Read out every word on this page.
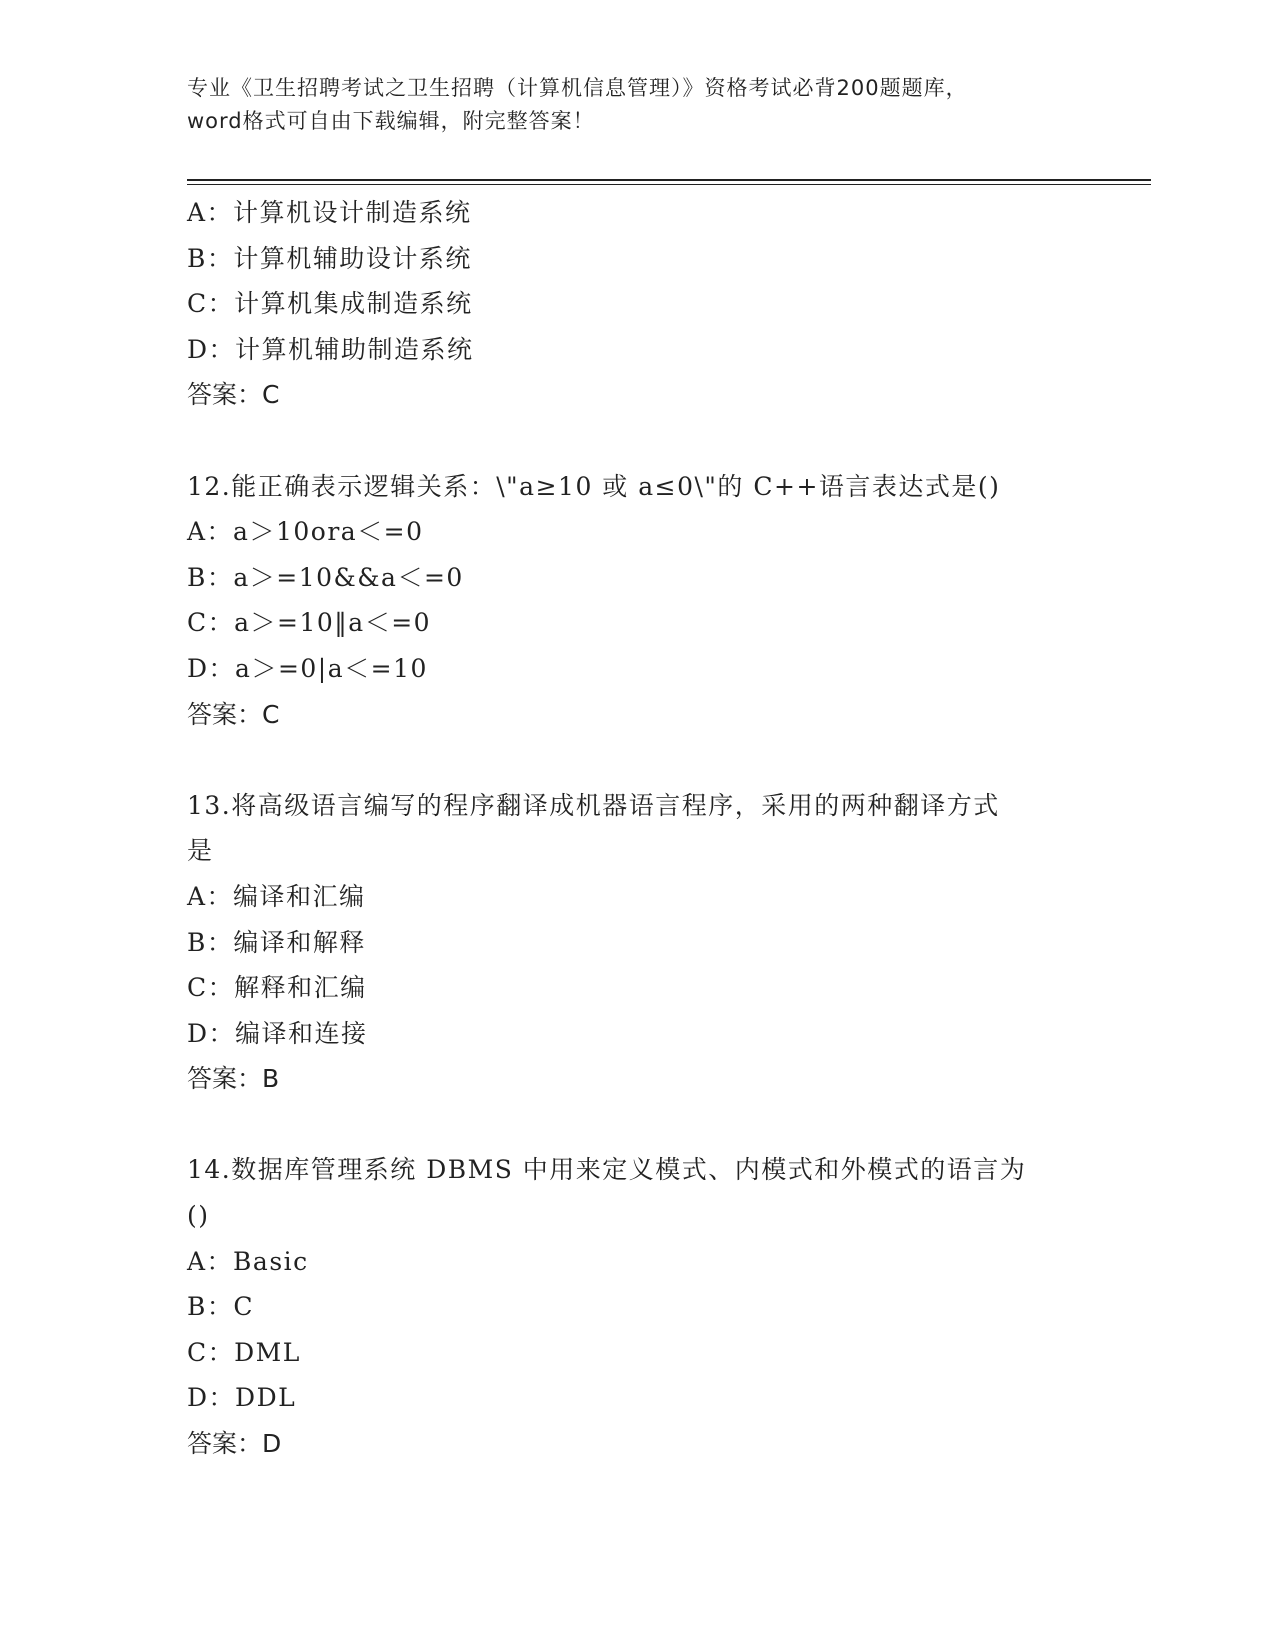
专业《卫生招聘考试之卫生招聘（计算机信息管理）》资格考试必背200题题库，
word格式可自由下载编辑，附完整答案！
A：计算机设计制造系统
B：计算机辅助设计系统
C：计算机集成制造系统
D：计算机辅助制造系统
答案：C
12.能正确表示逻辑关系：\"a≥10 或 a≤0\"的 C++语言表达式是()
A：a＞10ora＜=0
B：a＞=10&&a＜=0
C：a＞=10‖a＜=0
D：a＞=0|a＜=10
答案：C
13.将高级语言编写的程序翻译成机器语言程序，采用的两种翻译方式
是
A：编译和汇编
B：编译和解释
C：解释和汇编
D：编译和连接
答案：B
14.数据库管理系统 DBMS 中用来定义模式、内模式和外模式的语言为
()
A：Basic
B：C
C：DML
D：DDL
答案：D
